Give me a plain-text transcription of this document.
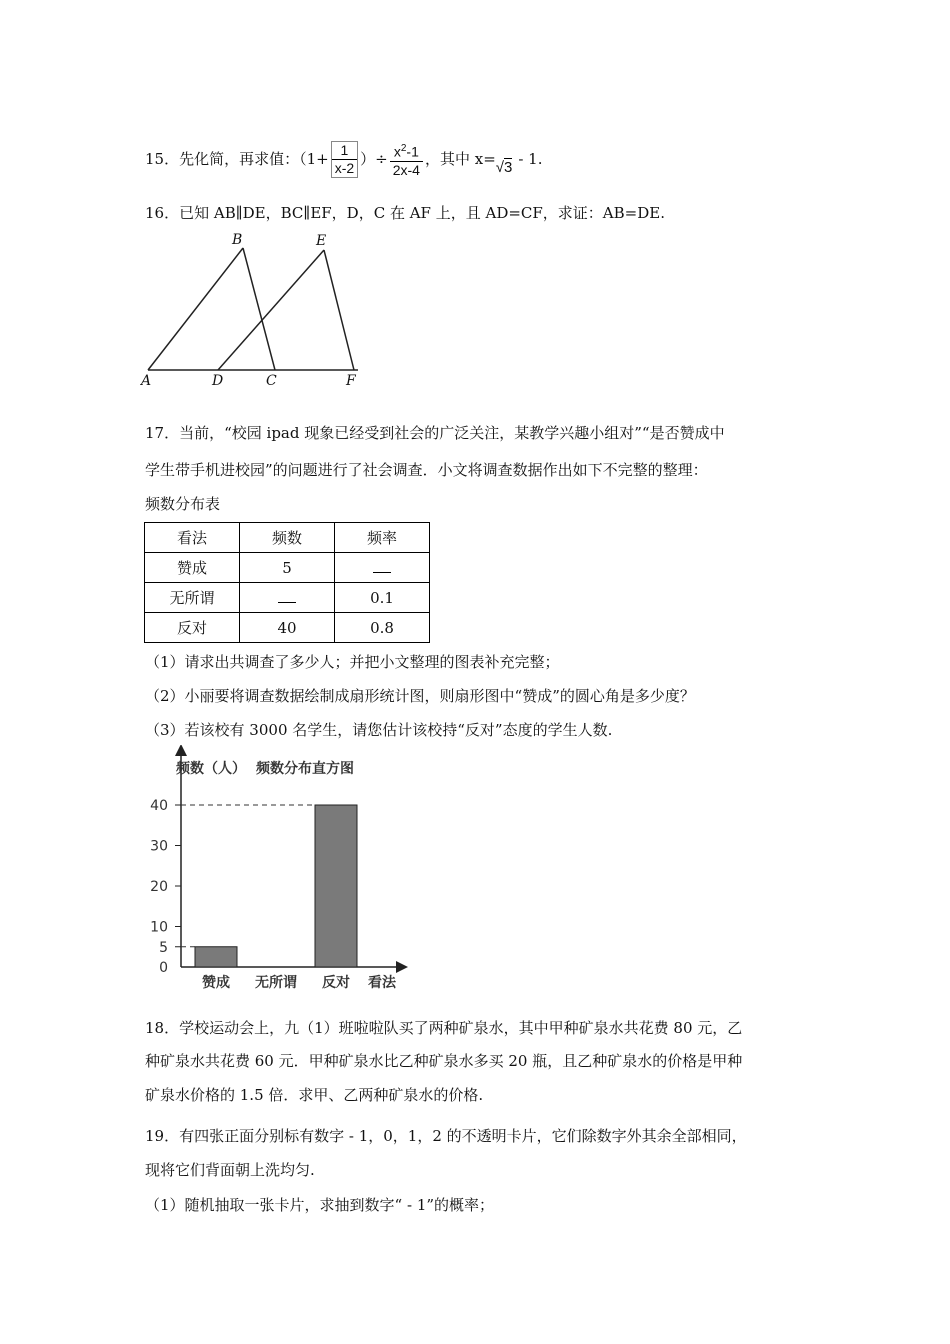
15．先化简，再求值：（$1+ \frac{1}{x-2}$ ）÷ $\frac{x^2-1}{2x-4}$ ，其中 x= √3 - 1.
16．已知 AB∥DE，BC∥EF，D，C 在 AF 上，且 AD=CF，求证：AB=DE.
A
B
C
D
E
F
17．当前，“校园 ipad 现象已经受到社会的广泛关注，某教学兴趣小组对”“是否赞成中
学生带手机进校园”的问题进行了社会调查．小文将调查数据作出如下不完整的整理：
频数分布表
看法	频数	频率
赞成	5	
无所谓		0.1
反对	40	0.8
（1）请求出共调查了多少人；并把小文整理的图表补充完整；
（2）小丽要将调查数据绘制成扇形统计图，则扇形图中“赞成”的圆心角是多少度？
（3）若该校有 3000 名学生，请您估计该校持“反对”态度的学生人数.
频数（人） 频数分布直方图
0
5
10
20
30
40
赞成 无所谓 反对 看法
18．学校运动会上，九（1）班啦啦队买了两种矿泉水，其中甲种矿泉水共花费 80 元，乙
种矿泉水共花费 60 元．甲种矿泉水比乙种矿泉水多买 20 瓶，且乙种矿泉水的价格是甲种
矿泉水价格的 1.5 倍．求甲、乙两种矿泉水的价格.
19．有四张正面分别标有数字 - 1，0，1，2 的不透明卡片，它们除数字外其余全部相同，
现将它们背面朝上洗均匀.
（1）随机抽取一张卡片，求抽到数字“ - 1”的概率；
